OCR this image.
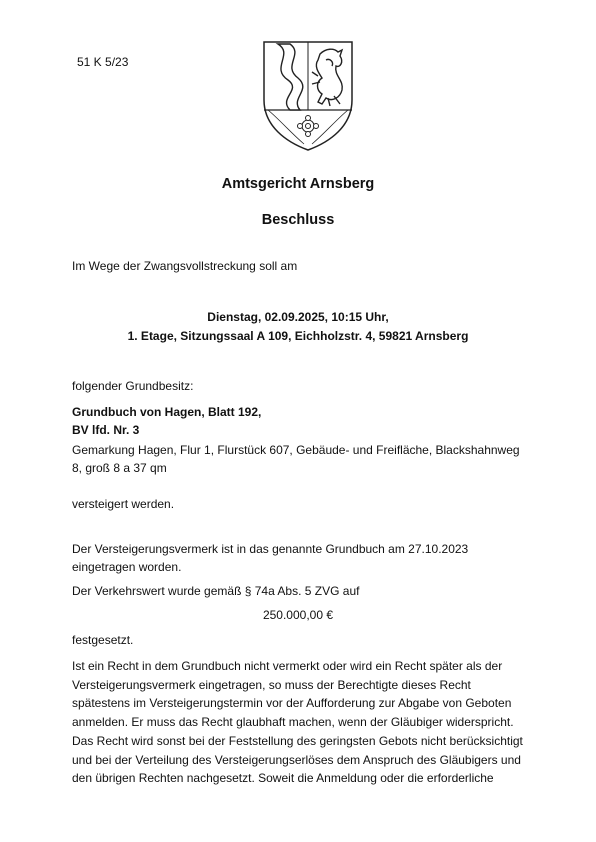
51 K 5/23
Amtsgericht Arnsberg
Beschluss
Im Wege der Zwangsvollstreckung soll am
Dienstag, 02.09.2025, 10:15 Uhr,
1. Etage, Sitzungssaal A 109, Eichholzstr. 4, 59821 Arnsberg
folgender Grundbesitz:
Grundbuch von Hagen, Blatt 192,
BV lfd. Nr. 3
Gemarkung Hagen, Flur 1, Flurstück 607, Gebäude- und Freifläche, Blackshahnweg 8, groß 8 a 37 qm
versteigert werden.
Der Versteigerungsvermerk ist in das genannte Grundbuch am 27.10.2023 eingetragen worden.
Der Verkehrswert wurde gemäß § 74a Abs. 5 ZVG auf
250.000,00 €
festgesetzt.
Ist ein Recht in dem Grundbuch nicht vermerkt oder wird ein Recht später als der Versteigerungsvermerk eingetragen, so muss der Berechtigte dieses Recht spätestens im Versteigerungstermin vor der Aufforderung zur Abgabe von Geboten anmelden. Er muss das Recht glaubhaft machen, wenn der Gläubiger widerspricht. Das Recht wird sonst bei der Feststellung des geringsten Gebots nicht berücksichtigt und bei der Verteilung des Versteigerungserlöses dem Anspruch des Gläubigers und den übrigen Rechten nachgesetzt. Soweit die Anmeldung oder die erforderliche
